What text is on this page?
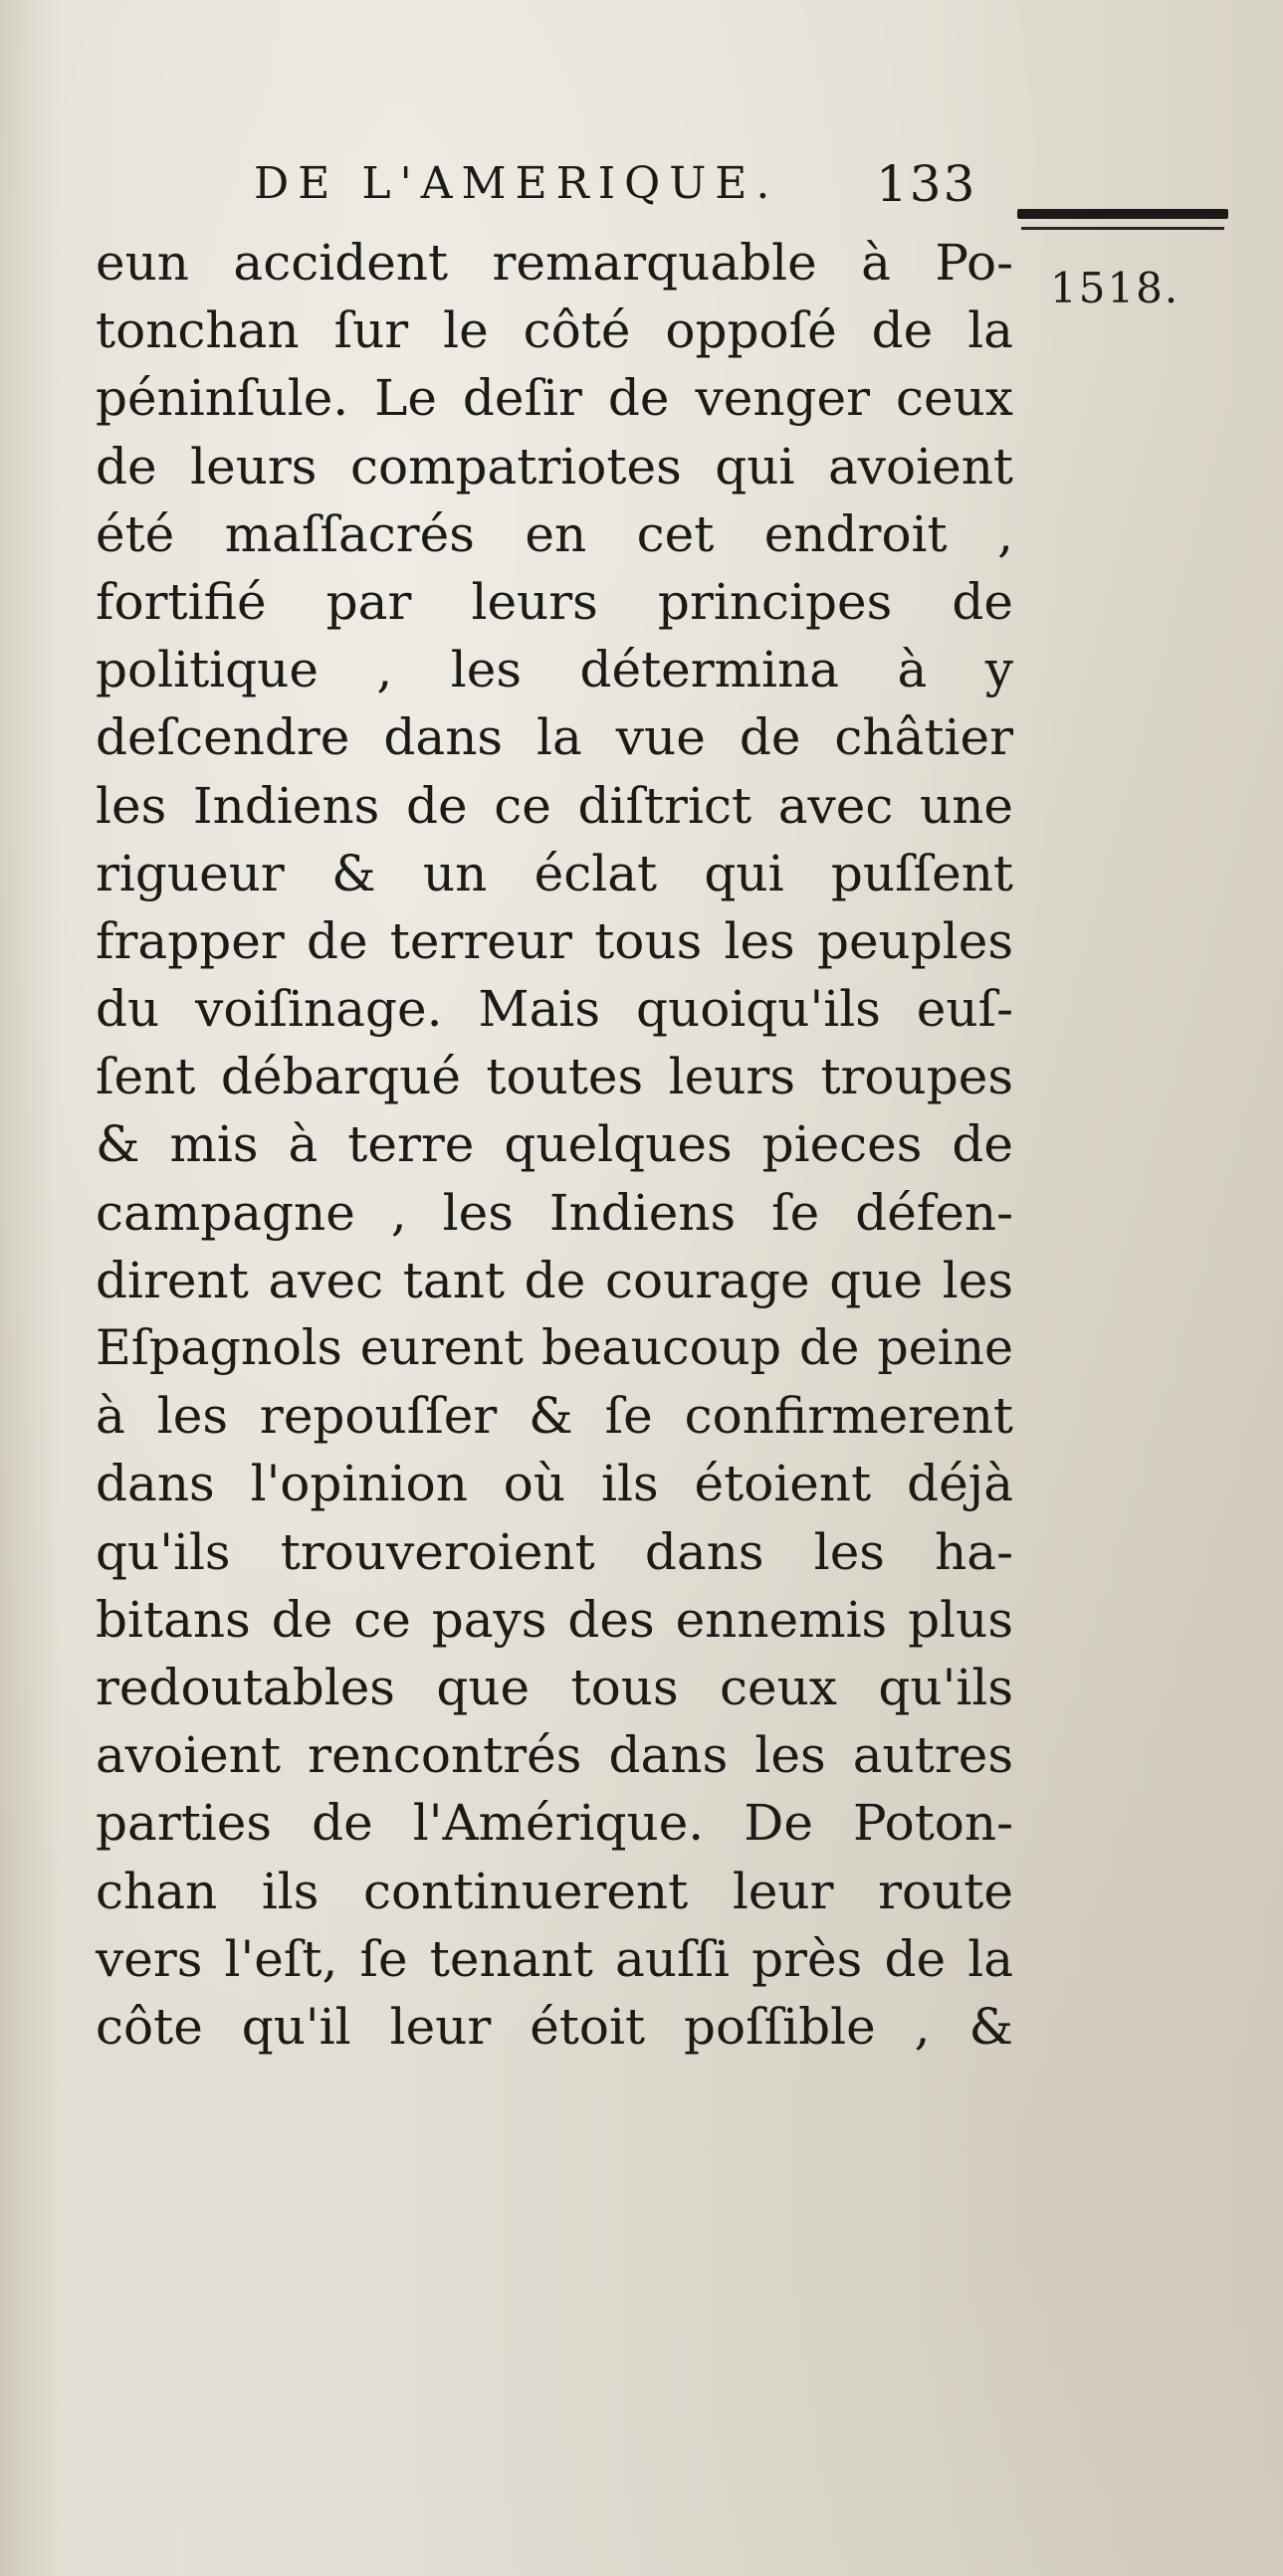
DE L'AMERIQUE. 133
1518.
eun accident remarquable à Po-
tonchan ſur le côté oppoſé de la
péninſule. Le deſir de venger ceux
de leurs compatriotes qui avoient
été maſſacrés en cet endroit ,
fortifié par leurs principes de
politique , les détermina à y
deſcendre dans la vue de châtier
les Indiens de ce diſtrict avec une
rigueur & un éclat qui puſſent
frapper de terreur tous les peuples
du voiſinage. Mais quoiqu'ils euſ-
ſent débarqué toutes leurs troupes
& mis à terre quelques pieces de
campagne , les Indiens ſe défen-
dirent avec tant de courage que les
Eſpagnols eurent beaucoup de peine
à les repouſſer & ſe confirmerent
dans l'opinion où ils étoient déjà
qu'ils trouveroient dans les ha-
bitans de ce pays des ennemis plus
redoutables que tous ceux qu'ils
avoient rencontrés dans les autres
parties de l'Amérique. De Poton-
chan ils continuerent leur route
vers l'eſt, ſe tenant auſſi près de la
côte qu'il leur étoit poſſible , &
